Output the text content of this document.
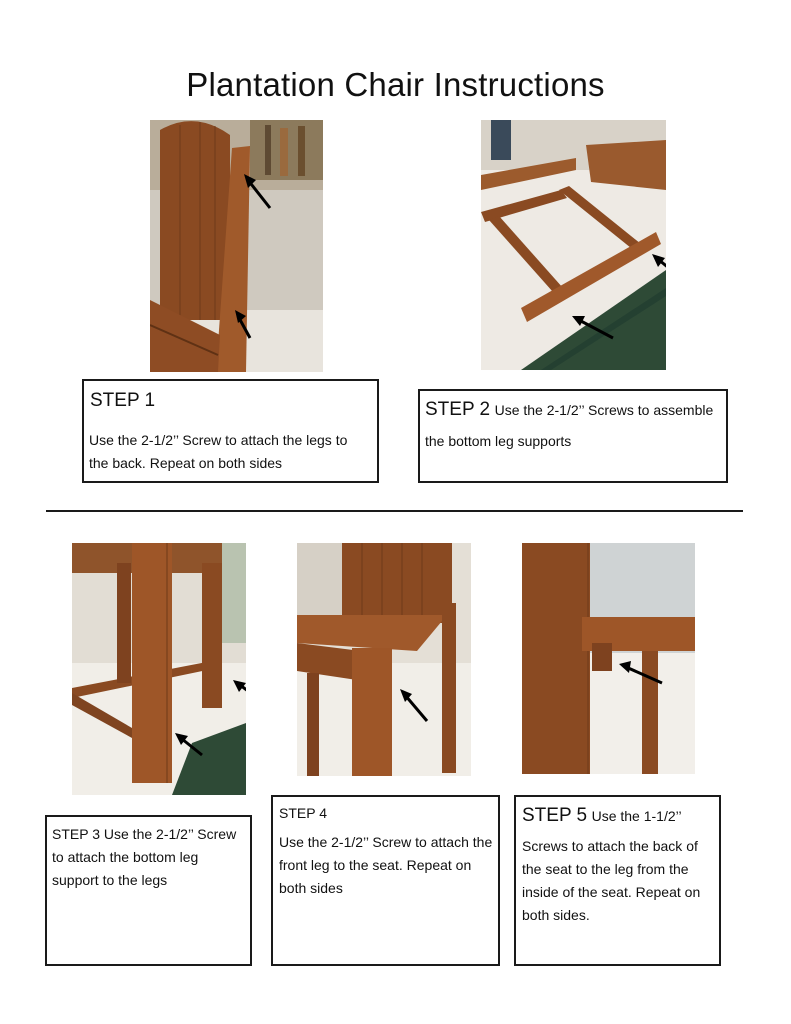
Plantation Chair Instructions
STEP 1
Use the 2-1/2’’ Screw to attach the legs to the back. Repeat on both sides
STEP 2 Use the 2-1/2’’ Screws to assemble
the bottom leg supports
STEP 3 Use the 2-1/2’’ Screw to attach the bottom leg support to the legs
STEP 4
Use the 2-1/2’’ Screw to attach the front leg to the seat. Repeat on both sides
STEP 5 Use the 1-1/2’’
Screws to attach the back of the seat to the leg from the inside of the seat. Repeat on both sides.
